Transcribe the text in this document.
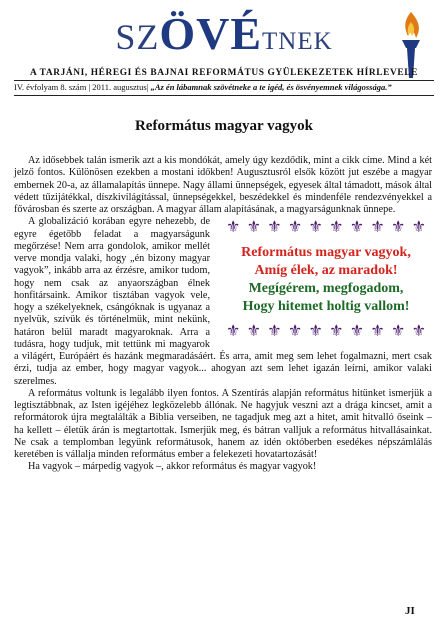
SZÖVÉtnek
A TARJÁNI, HÉREGI ÉS BAJNAI REFORMÁTUS GYÜLEKEZETEK HÍRLEVELE
IV. évfolyam 8. szám | 2011. augusztus| „Az én lábamnak szövétneke a te igéd, és ösvényemnek világossága.”
Református magyar vagyok

Az idősebbek talán ismerik azt a kis mondókát, amely úgy kezdődik, mint a cikk címe. Mind a két jelző fontos. Különösen ezekben a mostani időkben! Augusztusról elsők között jut eszébe a magyar embernek 20-a, az államalapítás ünnepe. Nagy állami ünnepségek, egyesek által támadott, mások által védett tűzijátékkal, díszkivilágítással, ünnepségekkel, beszédekkel és mindenféle rendezvényekkel a fővárosban és szerte az országban. A magyar állam alapításának, a magyarságunknak ünnepe.

⚜ ⚜ ⚜ ⚜ ⚜ ⚜ ⚜ ⚜ ⚜ ⚜
Református magyar vagyok,
Amíg élek, az maradok!
Megígérem, megfogadom,
Hogy hitemet holtig vallom!
⚜ ⚜ ⚜ ⚜ ⚜ ⚜ ⚜ ⚜ ⚜ ⚜
A globalizáció korában egyre nehezebb, de egyre égetőbb feladat a magyarságunk megőrzése! Nem arra gondolok, amikor mellét verve mondja valaki, hogy „én bizony magyar vagyok”, inkább arra az érzésre, amikor tudom, hogy nem csak az anyaországban élnek honfitársaink. Amikor tisztában vagyok vele, hogy a székelyeknek, csángóknak is ugyanaz a nyelvük, szívük és történelmük, mint nekünk, határon belül maradt magyaroknak. Arra a tudásra, hogy tudjuk, mit tettünk mi magyarok a világért, Európáért és hazánk megmaradásáért. És arra, amit meg sem lehet fogalmazni, mert csak érzi, tudja az ember, hogy magyar vagyok... ahogyan azt sem lehet igazán leírni, amikor valaki szerelmes.

A református voltunk is legalább ilyen fontos. A Szentírás alapján református hitünket ismerjük a legtisztábbnak, az Isten igéjéhez legközelebb állónak. Ne hagyjuk veszni azt a drága kincset, amit a reformátorok újra megtalálták a Biblia verseiben, ne tagadjuk meg azt a hitet, amit hitvalló őseink – ha kellett – életük árán is megtartottak. Ismerjük meg, és bátran valljuk a református hitvallásainkat. Ne csak a templomban legyünk reformátusok, hanem az idén októberben esedékes népszámlálás keretében is vállalja minden református ember a felekezeti hovatartozását!

Ha vagyok – márpedig vagyok –, akkor református és magyar vagyok!

JI
